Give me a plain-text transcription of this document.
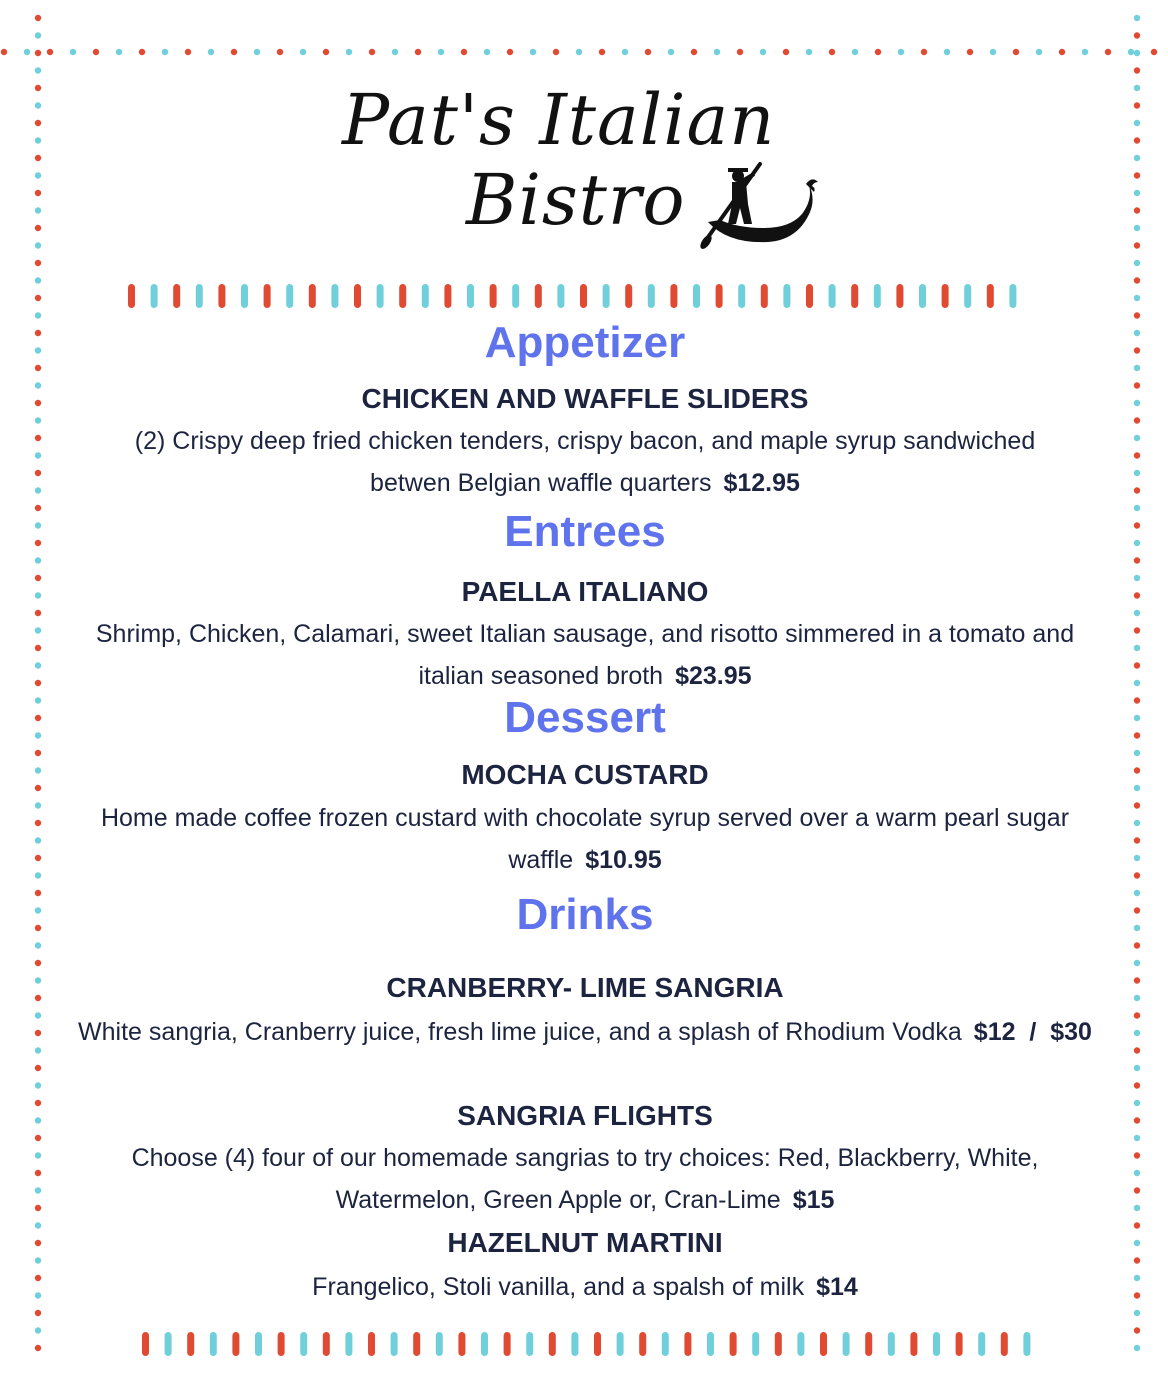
Pat's Italian
Bistro
Appetizer
CHICKEN AND WAFFLE SLIDERS
(2) Crispy deep fried chicken tenders, crispy bacon, and maple syrup sandwiched betwen Belgian waffle quarters $12.95
Entrees
PAELLA ITALIANO
Shrimp, Chicken, Calamari, sweet Italian sausage, and risotto simmered in a tomato and italian seasoned broth $23.95
Dessert
MOCHA CUSTARD
Home made coffee frozen custard with chocolate syrup served over a warm pearl sugar waffle $10.95
Drinks
CRANBERRY- LIME SANGRIA
White sangria, Cranberry juice, fresh lime juice, and a splash of Rhodium Vodka $12  /  $30
SANGRIA FLIGHTS
Choose (4) four of our homemade sangrias to try choices: Red, Blackberry, White, Watermelon, Green Apple or, Cran-Lime $15
HAZELNUT MARTINI
Frangelico, Stoli vanilla, and a spalsh of milk $14
